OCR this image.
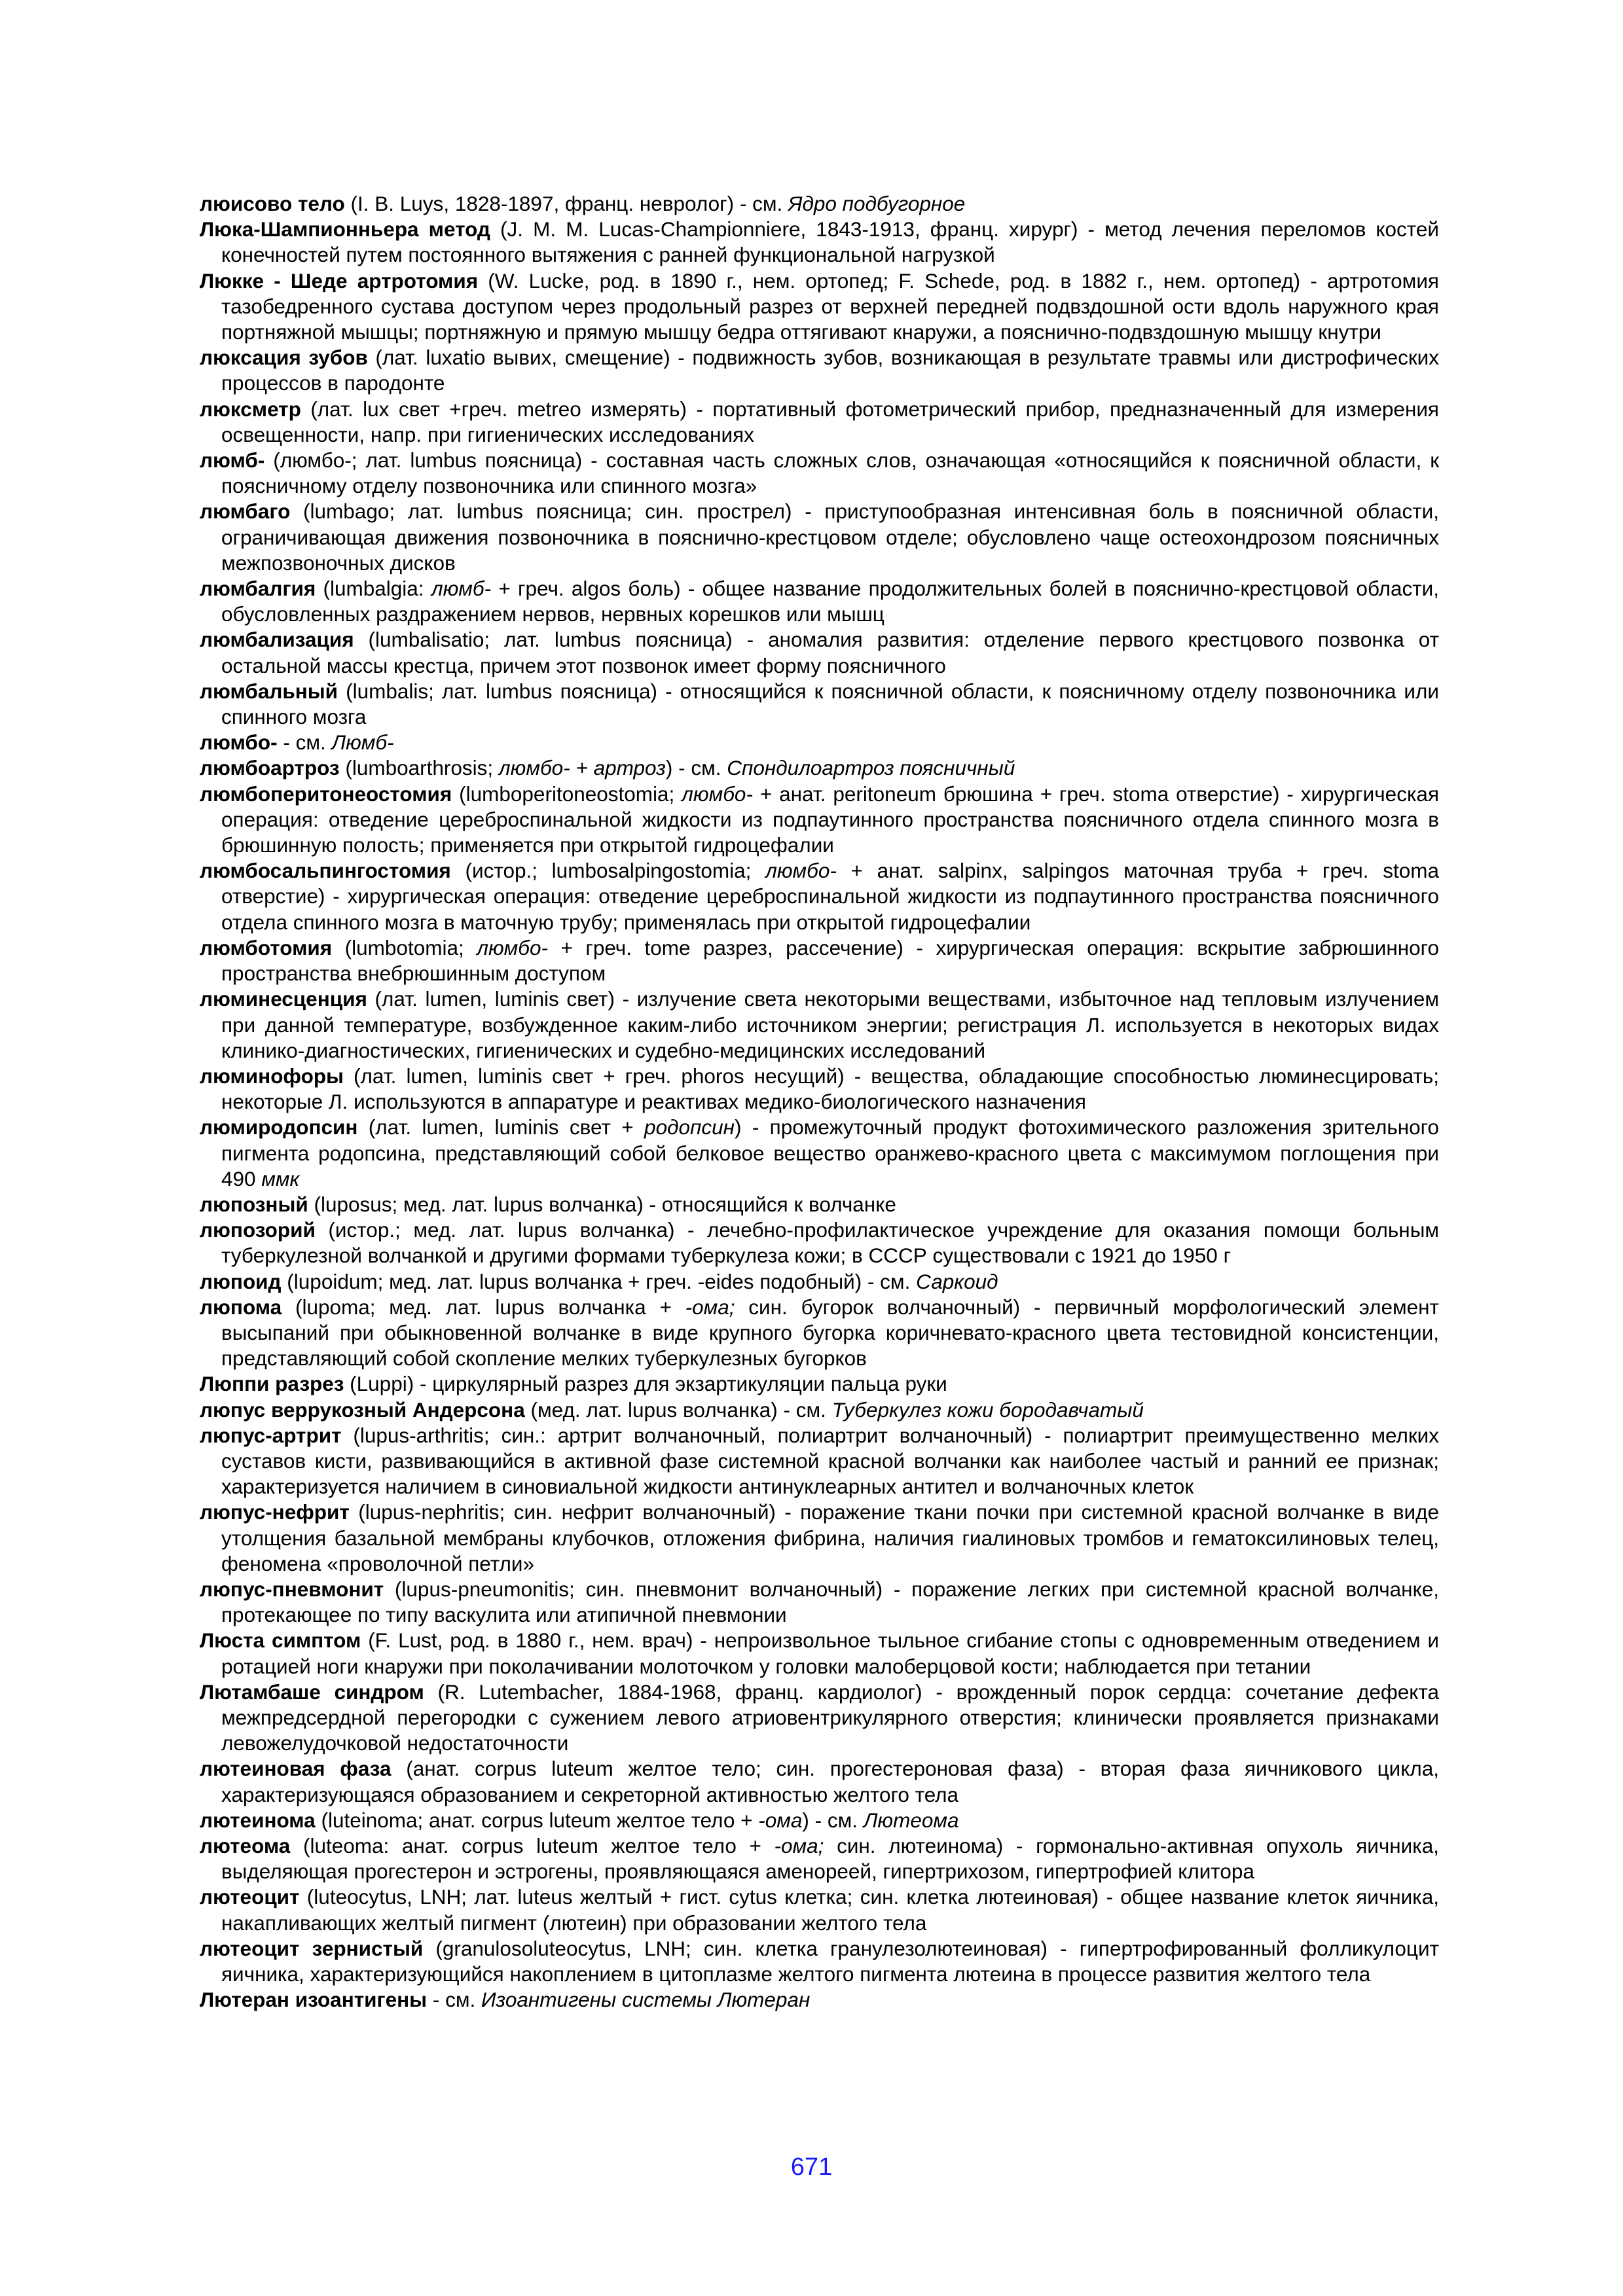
люисово тело (I. B. Luys, 1828-1897, франц. невролог) - см. Ядро подбугорное
Люка-Шампионньера метод (J. M. M. Lucas-Championniere, 1843-1913, франц. хирург) - метод лечения переломов костей конечностей путем постоянного вытяжения с ранней функциональной нагрузкой
Люкке - Шеде артротомия (W. Lucke, род. в 1890 г., нем. ортопед; F. Schede, род. в 1882 г., нем. ортопед) - артротомия тазобедренного сустава доступом через продольный разрез от верхней передней подвздошной ости вдоль наружного края портняжной мышцы; портняжную и прямую мышцу бедра оттягивают кнаружи, а пояснично-подвздошную мышцу кнутри
люксация зубов (лат. luxatio вывих, смещение) - подвижность зубов, возникающая в результате травмы или дистрофических процессов в пародонте
люксметр (лат. lux свет +греч. metreo измерять) - портативный фотометрический прибор, предназначенный для измерения освещенности, напр. при гигиенических исследованиях
люмб- (люмбо-; лат. lumbus поясница) - составная часть сложных слов, означающая «относящийся к поясничной области, к поясничному отделу позвоночника или спинного мозга»
люмбаго (lumbago; лат. lumbus поясница; син. прострел) - приступообразная интенсивная боль в поясничной области, ограничивающая движения позвоночника в пояснично-крестцовом отделе; обусловлено чаще остеохондрозом поясничных межпозвоночных дисков
люмбалгия (lumbalgia: люмб- + греч. algos боль) - общее название продолжительных болей в пояснично-крестцовой области, обусловленных раздражением нервов, нервных корешков или мышц
люмбализация (lumbalisatio; лат. lumbus поясница) - аномалия развития: отделение первого крестцового позвонка от остальной массы крестца, причем этот позвонок имеет форму поясничного
люмбальный (lumbalis; лат. lumbus поясница) - относящийся к поясничной области, к поясничному отделу позвоночника или спинного мозга
люмбо- - см. Люмб-
люмбоартроз (lumboarthrosis; люмбо- + артроз) - см. Спондилоартроз поясничный
люмбоперитонеостомия (lumboperitoneostomia; люмбо- + анат. peritoneum брюшина + греч. stoma отверстие) - хирургическая операция: отведение цереброспинальной жидкости из подпаутинного пространства поясничного отдела спинного мозга в брюшинную полость; применяется при открытой гидроцефалии
люмбосальпингостомия (истор.; lumbosalpingostomia; люмбо- + анат. salpinx, salpingos маточная труба + греч. stoma отверстие) - хирургическая операция: отведение цереброспинальной жидкости из подпаутинного пространства поясничного отдела спинного мозга в маточную трубу; применялась при открытой гидроцефалии
люмботомия (lumbotomia; люмбо- + греч. tome разрез, рассечение) - хирургическая операция: вскрытие забрюшинного пространства внебрюшинным доступом
люминесценция (лат. lumen, luminis свет) - излучение света некоторыми веществами, избыточное над тепловым излучением при данной температуре, возбужденное каким-либо источником энергии; регистрация Л. используется в некоторых видах клинико-диагностических, гигиенических и судебно-медицинских исследований
люминофоры (лат. lumen, luminis свет + греч. phoros несущий) - вещества, обладающие способностью люминесцировать; некоторые Л. используются в аппаратуре и реактивах медико-биологического назначения
люмиродопсин (лат. lumen, luminis свет + родопсин) - промежуточный продукт фотохимического разложения зрительного пигмента родопсина, представляющий собой белковое вещество оранжево-красного цвета с максимумом поглощения при 490 ммк
люпозный (luposus; мед. лат. lupus волчанка) - относящийся к волчанке
люпозорий (истор.; мед. лат. lupus волчанка) - лечебно-профилактическое учреждение для оказания помощи больным туберкулезной волчанкой и другими формами туберкулеза кожи; в СССР существовали с 1921 до 1950 г
люпоид (lupoidum; мед. лат. lupus волчанка + греч. -eides подобный) - см. Саркоид
люпома (lupoma; мед. лат. lupus волчанка + -ома; син. бугорок волчаночный) - первичный морфологический элемент высыпаний при обыкновенной волчанке в виде крупного бугорка коричневато-красного цвета тестовидной консистенции, представляющий собой скопление мелких туберкулезных бугорков
Люппи разрез (Luppi) - циркулярный разрез для экзартикуляции пальца руки
люпус веррукозный Андерсона (мед. лат. lupus волчанка) - см. Туберкулез кожи бородавчатый
люпус-артрит (lupus-arthritis; син.: артрит волчаночный, полиартрит волчаночный) - полиартрит преимущественно мелких суставов кисти, развивающийся в активной фазе системной красной волчанки как наиболее частый и ранний ее признак; характеризуется наличием в синовиальной жидкости антинуклеарных антител и волчаночных клеток
люпус-нефрит (lupus-nephritis; син. нефрит волчаночный) - поражение ткани почки при системной красной волчанке в виде утолщения базальной мембраны клубочков, отложения фибрина, наличия гиалиновых тромбов и гематоксилиновых телец, феномена «проволочной петли»
люпус-пневмонит (lupus-pneumonitis; син. пневмонит волчаночный) - поражение легких при системной красной волчанке, протекающее по типу васкулита или атипичной пневмонии
Люста симптом (F. Lust, род. в 1880 г., нем. врач) - непроизвольное тыльное сгибание стопы с одновременным отведением и ротацией ноги кнаружи при поколачивании молоточком у головки малоберцовой кости; наблюдается при тетании
Лютамбаше синдром (R. Lutembacher, 1884-1968, франц. кардиолог) - врожденный порок сердца: сочетание дефекта межпредсердной перегородки с сужением левого атриовентрикулярного отверстия; клинически проявляется признаками левожелудочковой недостаточности
лютеиновая фаза (анат. corpus luteum желтое тело; син. прогестероновая фаза) - вторая фаза яичникового цикла, характеризующаяся образованием и секреторной активностью желтого тела
лютеинома (luteinoma; анат. corpus luteum желтое тело + -ома) - см. Лютеома
лютеома (luteoma: анат. corpus luteum желтое тело + -ома; син. лютеинома) - гормонально-активная опухоль яичника, выделяющая прогестерон и эстрогены, проявляющаяся аменореей, гипертрихозом, гипертрофией клитора
лютеоцит (luteocytus, LNH; лат. luteus желтый + гист. cytus клетка; син. клетка лютеиновая) - общее название клеток яичника, накапливающих желтый пигмент (лютеин) при образовании желтого тела
лютеоцит зернистый (granulosoluteocytus, LNH; син. клетка гранулезолютеиновая) - гипертрофированный фолликулоцит яичника, характеризующийся накоплением в цитоплазме желтого пигмента лютеина в процессе развития желтого тела
Лютеран изоантигены - см. Изоантигены системы Лютеран
671
